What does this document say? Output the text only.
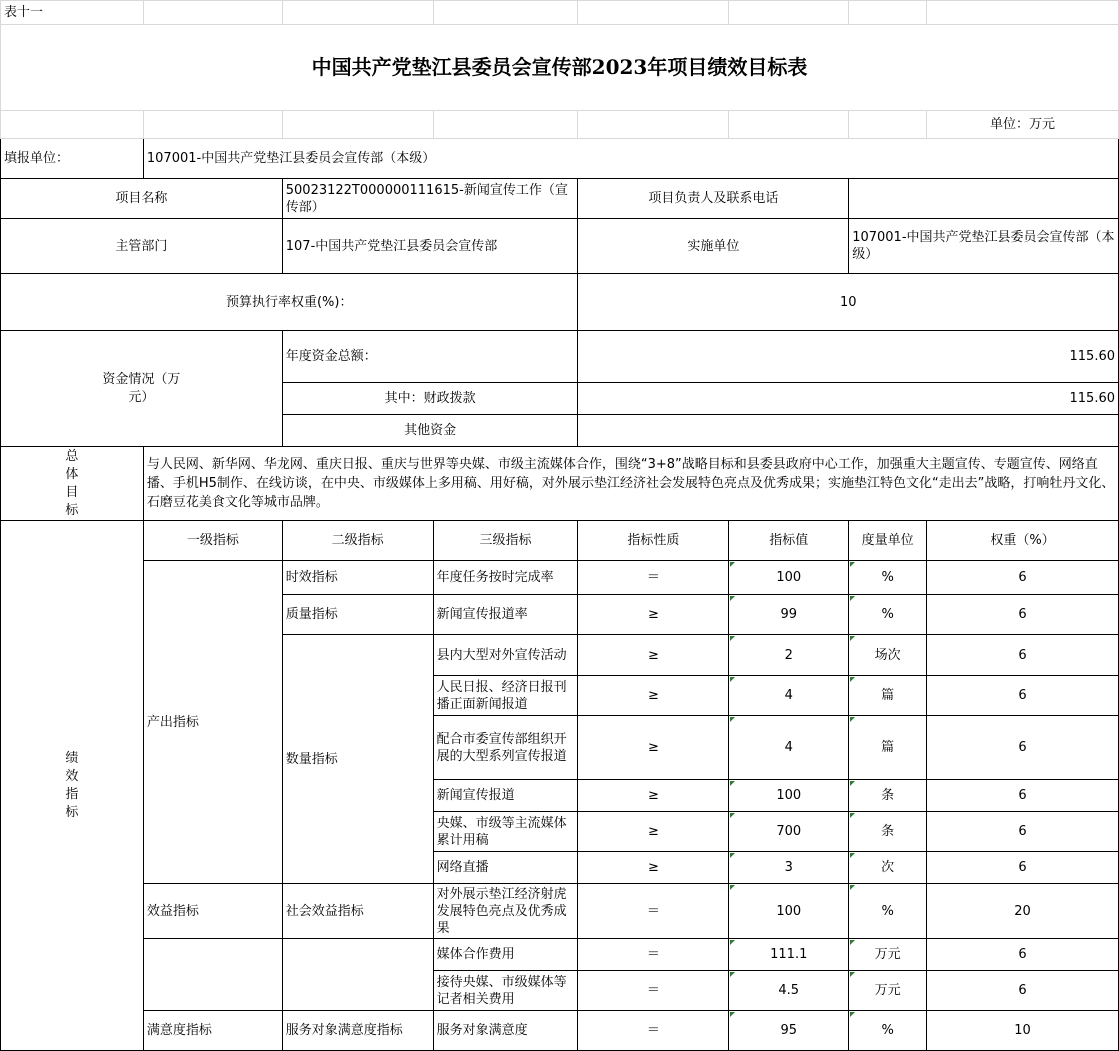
表十一							
中国共产党垫江县委员会宣传部2023年项目绩效目标表							
							单位：万元
填报单位：	107001-中国共产党垫江县委员会宣传部（本级）						
项目名称		50023122T000000111615-新闻宣传工作（宣传部）		项目负责人及联系电话			
主管部门		107-中国共产党垫江县委员会宣传部		实施单位		107001-中国共产党垫江县委员会宣传部（本级）	
预算执行率权重(%)：				10			

资金情况（万元）		年度资金总额：		115.60			
		其中：财政拨款		115.60			
		其他资金					

总体目标	与人民网、新华网、华龙网、重庆日报、重庆与世界等央媒、市级主流媒体合作，围绕“3+8”战略目标和县委县政府中心工作，加强重大主题宣传、专题宣传、网络直播、手机H5制作、在线访谈，在中央、市级媒体上多用稿、用好稿，对外展示垫江经济社会发展特色亮点及优秀成果；实施垫江特色文化“走出去”战略，打响牡丹文化、石磨豆花美食文化等城市品牌。						

绩效指标	一级指标	二级指标	三级指标	指标性质	指标值	度量单位	权重（%）
	产出指标	时效指标	年度任务按时完成率	＝	100	%	6
		质量指标	新闻宣传报道率	≥	99	%	6
		数量指标	县内大型对外宣传活动	≥	2	场次	6
			人民日报、经济日报刊播正面新闻报道	≥	4	篇	6
			配合市委宣传部组织开展的大型系列宣传报道	≥	4	篇	6
			新闻宣传报道	≥	100	条	6
			央媒、市级等主流媒体累计用稿	≥	700	条	6
			网络直播	≥	3	次	6
	效益指标	社会效益指标	对外展示垫江经济射虎发展特色亮点及优秀成果	＝	100	%	20
			媒体合作费用	＝	111.1	万元	6
			接待央媒、市级媒体等记者相关费用	＝	4.5	万元	6
	满意度指标	服务对象满意度指标	服务对象满意度	＝	95	%	10
